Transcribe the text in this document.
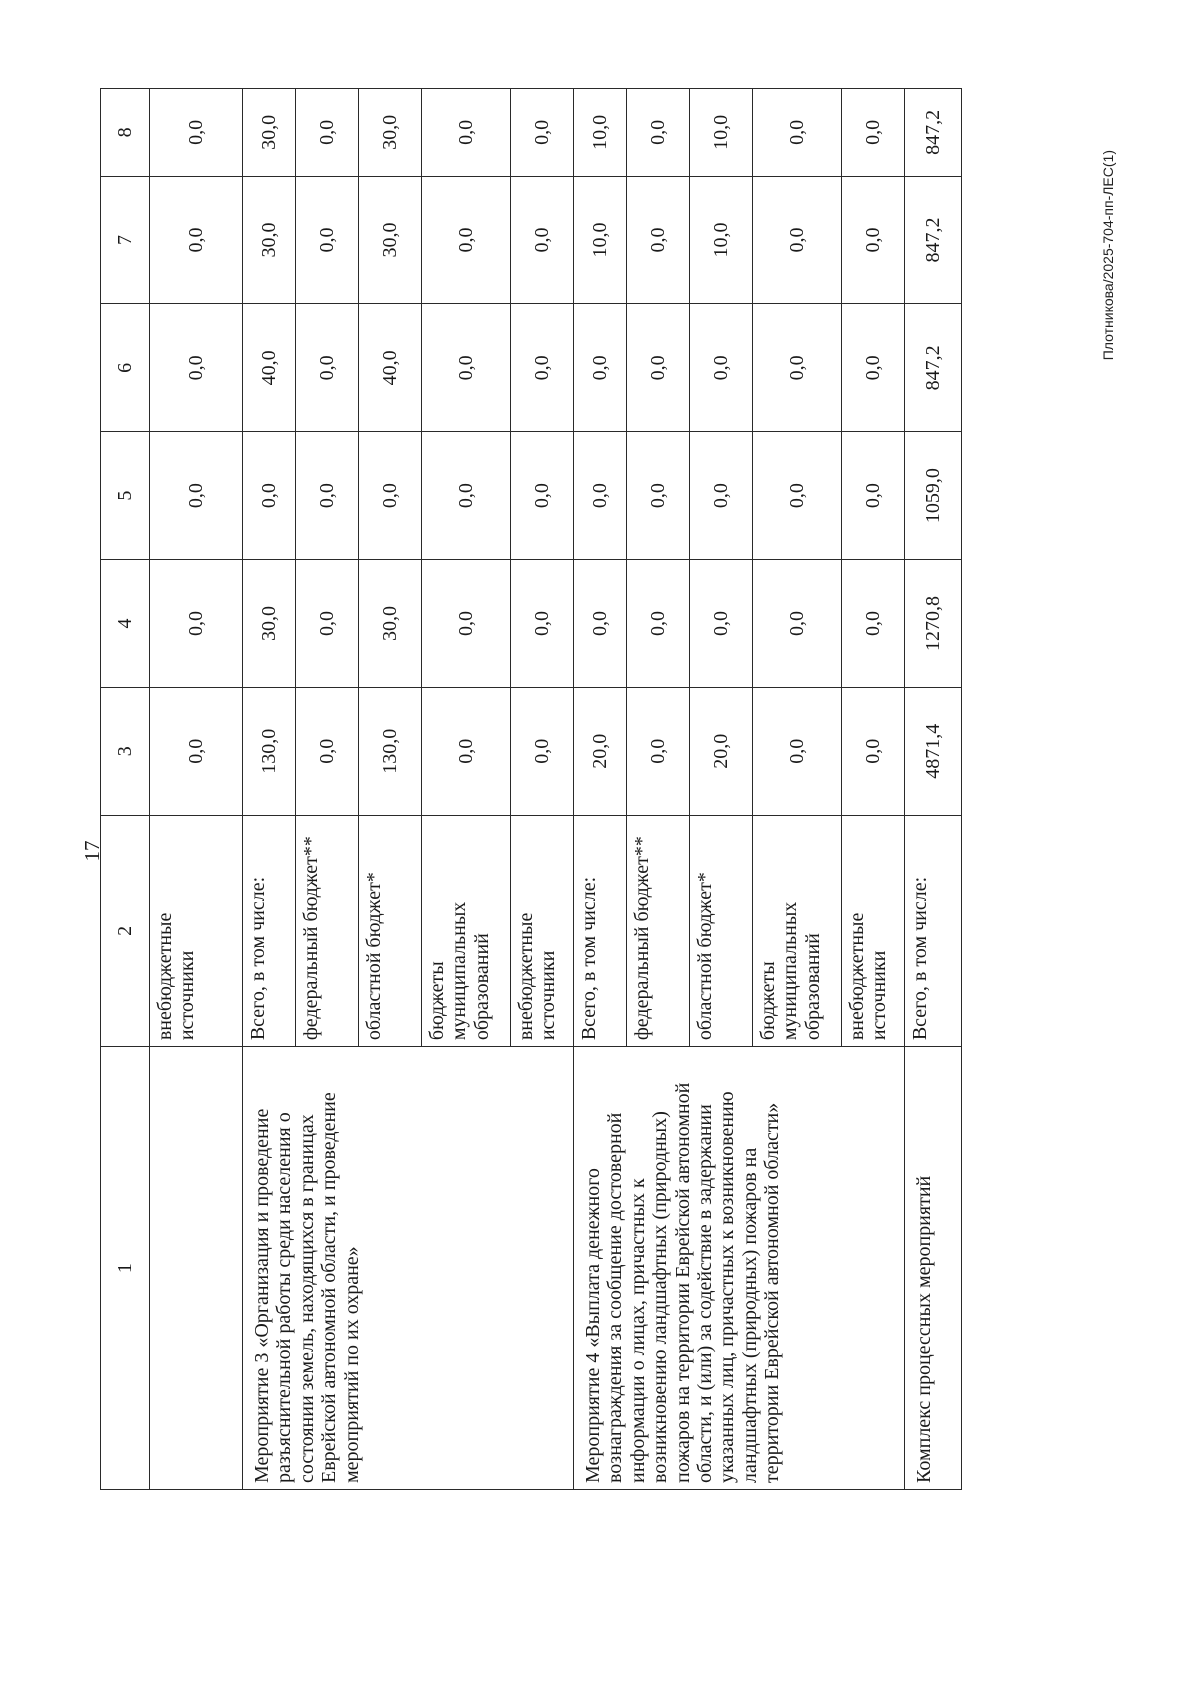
17
1	2	3	4	5	6	7	8
	внебюджетные источники	0,0	0,0	0,0	0,0	0,0	0,0
Мероприятие 3 «Организация и проведение разъяснительной работы среди населения о состоянии земель, находящихся в границах Еврейской автономной области, и проведение мероприятий по их охране»	Всего, в том числе:	130,0	30,0	0,0	40,0	30,0	30,0
	федеральный бюджет**	0,0	0,0	0,0	0,0	0,0	0,0
	областной бюджет*	130,0	30,0	0,0	40,0	30,0	30,0
	бюджеты муниципальных образований	0,0	0,0	0,0	0,0	0,0	0,0
	внебюджетные источники	0,0	0,0	0,0	0,0	0,0	0,0
Мероприятие 4 «Выплата денежного вознаграждения за сообщение достоверной информации о лицах, причастных к возникновению ландшафтных (природных) пожаров на территории Еврейской автономной области, и (или) за содействие в задержании указанных лиц, причастных к возникновению ландшафтных (природных) пожаров на территории Еврейской автономной области»	Всего, в том числе:	20,0	0,0	0,0	0,0	10,0	10,0
	федеральный бюджет**	0,0	0,0	0,0	0,0	0,0	0,0
	областной бюджет*	20,0	0,0	0,0	0,0	10,0	10,0
	бюджеты муниципальных образований	0,0	0,0	0,0	0,0	0,0	0,0
	внебюджетные источники	0,0	0,0	0,0	0,0	0,0	0,0
Комплекс процессных мероприятий	Всего, в том числе:	4871,4	1270,8	1059,0	847,2	847,2	847,2
Плотникова/2025-704-пп-ЛЕС(1)
